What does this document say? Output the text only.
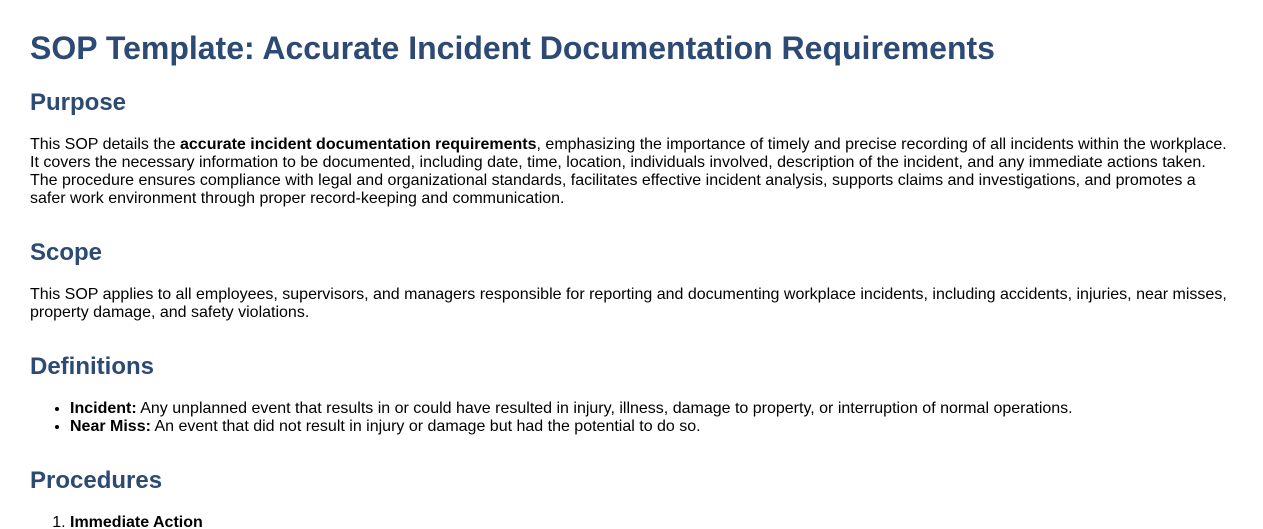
SOP Template: Accurate Incident Documentation Requirements
Purpose

This SOP details the accurate incident documentation requirements, emphasizing the importance of timely and precise recording of all incidents within the workplace. It covers the necessary information to be documented, including date, time, location, individuals involved, description of the incident, and any immediate actions taken. The procedure ensures compliance with legal and organizational standards, facilitates effective incident analysis, supports claims and investigations, and promotes a safer work environment through proper record-keeping and communication.

Scope

This SOP applies to all employees, supervisors, and managers responsible for reporting and documenting workplace incidents, including accidents, injuries, near misses, property damage, and safety violations.

Definitions
• Incident: Any unplanned event that results in or could have resulted in injury, illness, damage to property, or interruption of normal operations.
• Near Miss: An event that did not result in injury or damage but had the potential to do so.
Procedures
1. Immediate Action
